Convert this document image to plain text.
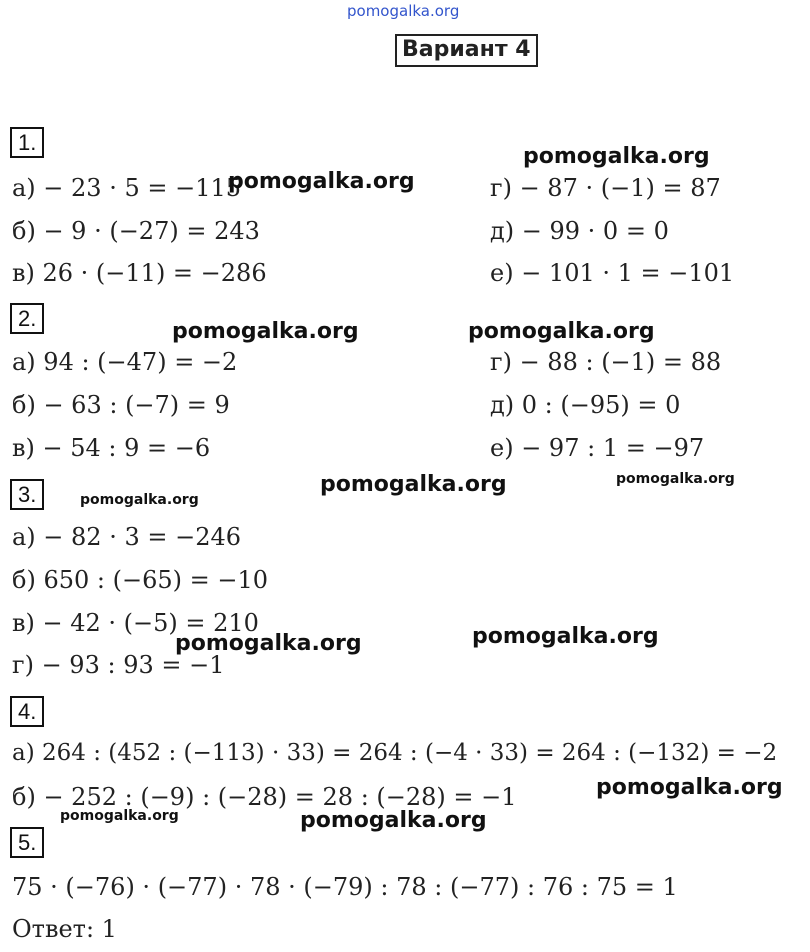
pomogalka.org
Вариант 4
1.
а) − 23 · 5 = −115
б) − 9 · (−27) = 243
в) 26 · (−11) = −286
г) − 87 · (−1) = 87
д) − 99 · 0 = 0
е) − 101 · 1 = −101
2.
а) 94 : (−47) = −2
б) − 63 : (−7) = 9
в) − 54 : 9 = −6
г) − 88 : (−1) = 88
д) 0 : (−95) = 0
е) − 97 : 1 = −97
3.
а) − 82 · 3 = −246
б) 650 : (−65) = −10
в) − 42 · (−5) = 210
г) − 93 : 93 = −1
4.
а) 264 : (452 : (−113) · 33) = 264 : (−4 · 33) = 264 : (−132) = −2
б) − 252 : (−9) : (−28) = 28 : (−28) = −1
5.
75 · (−76) · (−77) · 78 · (−79) : 78 : (−77) : 76 : 75 = 1
Ответ: 1
pomogalka.org
pomogalka.org
pomogalka.org	pomogalka.org
pomogalka.org
pomogalka.org
pomogalka.org
pomogalka.org	pomogalka.org
pomogalka.org
pomogalka.org	pomogalka.org
